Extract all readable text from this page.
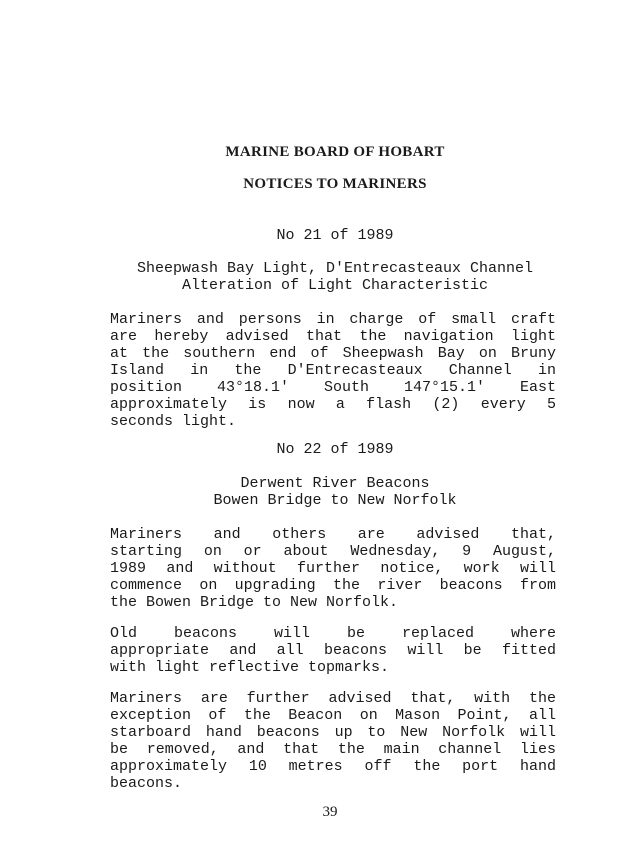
MARINE BOARD OF HOBART
NOTICES TO MARINERS
No 21 of 1989
Sheepwash Bay Light, D'Entrecasteaux Channel
Alteration of Light Characteristic
Mariners and persons in charge of small craft
are hereby advised that the navigation light
at the southern end of Sheepwash Bay on Bruny
Island in the D'Entrecasteaux Channel in
position 43°18.1' South 147°15.1' East
approximately is now a flash (2) every 5
seconds light.
No 22 of 1989
Derwent River Beacons
Bowen Bridge to New Norfolk
Mariners and others are advised that,
starting on or about Wednesday, 9 August,
1989 and without further notice, work will
commence on upgrading the river beacons from
the Bowen Bridge to New Norfolk.
Old beacons will be replaced where
appropriate and all beacons will be fitted
with light reflective topmarks.
Mariners are further advised that, with the
exception of the Beacon on Mason Point, all
starboard hand beacons up to New Norfolk will
be removed, and that the main channel lies
approximately 10 metres off the port hand
beacons.
39
